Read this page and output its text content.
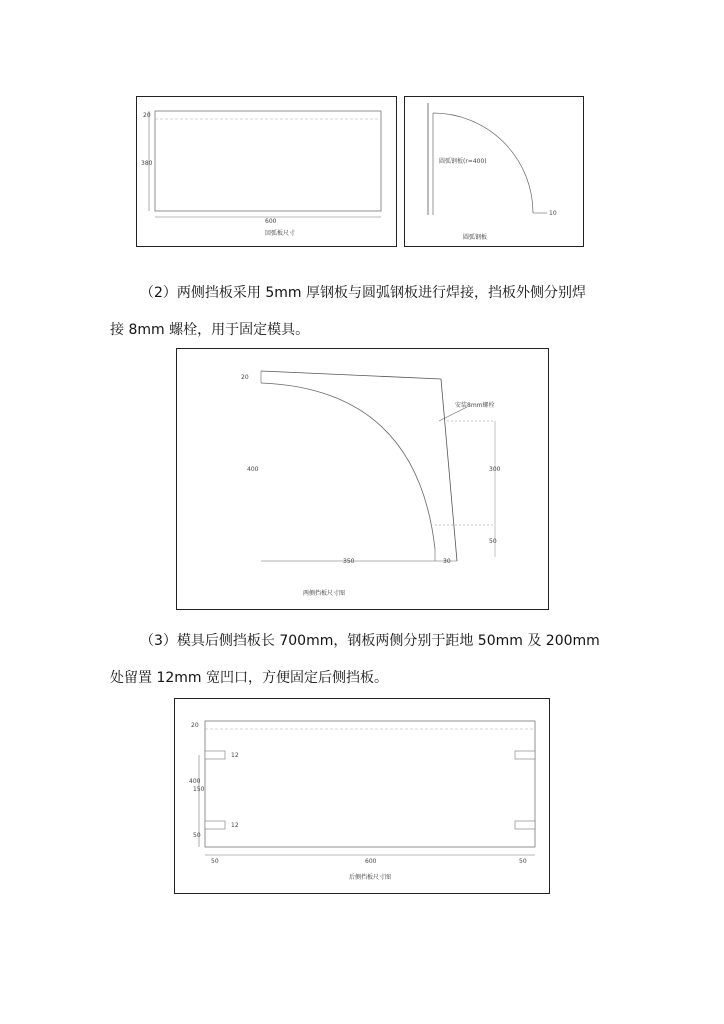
20
380
600
回弧板尺寸
圆弧钢板(r=400)
10
圆弧钢板
（2）两侧挡板采用 5mm 厚钢板与圆弧钢板进行焊接，挡板外侧分别焊
接 8mm 螺栓，用于固定模具。
20
400	300
50
350	30
安装8mm螺栓
两侧挡板尺寸图
（3）模具后侧挡板长 700mm，钢板两侧分别于距地 50mm 及 200mm
处留置 12mm 宽凹口，方便固定后侧挡板。
20
12
150
400
50
12
50	600	50
后侧挡板尺寸图
